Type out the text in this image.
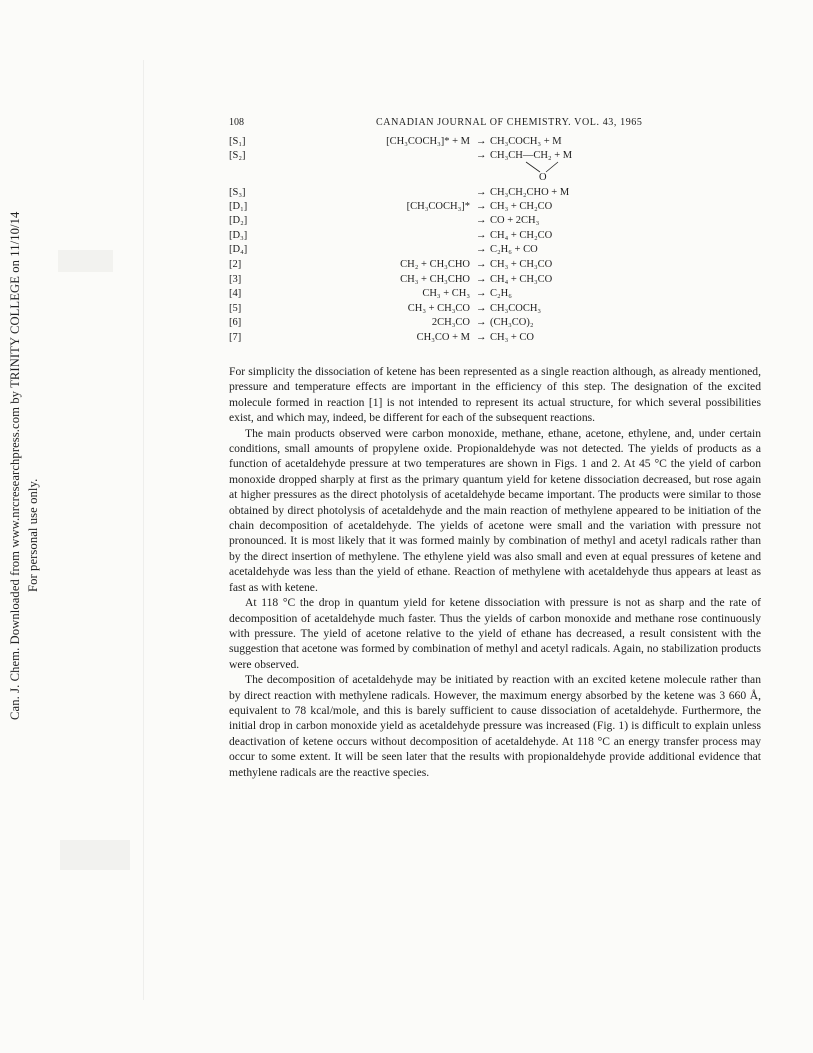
Can. J. Chem. Downloaded from www.nrcresearchpress.com by TRINITY COLLEGE on 11/10/14 For personal use only.
108	CANADIAN JOURNAL OF CHEMISTRY. VOL. 43, 1965
[S₁]	[CH₃COCH₃]* + M → CH₃COCH₃ + M
[S₂]	→ CH₃CH—CH₂ + M
O
[S₃]	→ CH₃CH₂CHO + M
[D₁]	[CH₃COCH₃]* → CH₃ + CH₂CO
[D₂]	→ CO + 2CH₃
[D₃]	→ CH₄ + CH₂CO
[D₄]	→ C₂H₆ + CO
[2]	CH₂ + CH₃CHO → CH₃ + CH₃CO
[3]	CH₃ + CH₃CHO → CH₄ + CH₃CO
[4]	CH₃ + CH₃ → C₂H₆
[5]	CH₃ + CH₃CO → CH₃COCH₃
[6]	2CH₃CO → (CH₃CO)₂
[7]	CH₃CO + M → CH₃ + CO

For simplicity the dissociation of ketene has been represented as a single reaction although, as already mentioned, pressure and temperature effects are important in the efficiency of this step. The designation of the excited molecule formed in reaction [1] is not intended to represent its actual structure, for which several possibilities exist, and which may, indeed, be different for each of the subsequent reactions.

The main products observed were carbon monoxide, methane, ethane, acetone, ethylene, and, under certain conditions, small amounts of propylene oxide. Propionaldehyde was not detected. The yields of products as a function of acetaldehyde pressure at two temperatures are shown in Figs. 1 and 2. At 45 °C the yield of carbon monoxide dropped sharply at first as the primary quantum yield for ketene dissociation decreased, but rose again at higher pressures as the direct photolysis of acetaldehyde became important. The products were similar to those obtained by direct photolysis of acetaldehyde and the main reaction of methylene appeared to be initiation of the chain decomposition of acetaldehyde. The yields of acetone were small and the variation with pressure not pronounced. It is most likely that it was formed mainly by combination of methyl and acetyl radicals rather than by the direct insertion of methylene. The ethylene yield was also small and even at equal pressures of ketene and acetaldehyde was less than the yield of ethane. Reaction of methylene with acetaldehyde thus appears at least as fast as with ketene.

At 118 °C the drop in quantum yield for ketene dissociation with pressure is not as sharp and the rate of decomposition of acetaldehyde much faster. Thus the yields of carbon monoxide and methane rose continuously with pressure. The yield of acetone relative to the yield of ethane has decreased, a result consistent with the suggestion that acetone was formed by combination of methyl and acetyl radicals. Again, no stabilization products were observed.

The decomposition of acetaldehyde may be initiated by reaction with an excited ketene molecule rather than by direct reaction with methylene radicals. However, the maximum energy absorbed by the ketene was 3 660 Å, equivalent to 78 kcal/mole, and this is barely sufficient to cause dissociation of acetaldehyde. Furthermore, the initial drop in carbon monoxide yield as acetaldehyde pressure was increased (Fig. 1) is difficult to explain unless deactivation of ketene occurs without decomposition of acetaldehyde. At 118 °C an energy transfer process may occur to some extent. It will be seen later that the results with propionaldehyde provide additional evidence that methylene radicals are the reactive species.
